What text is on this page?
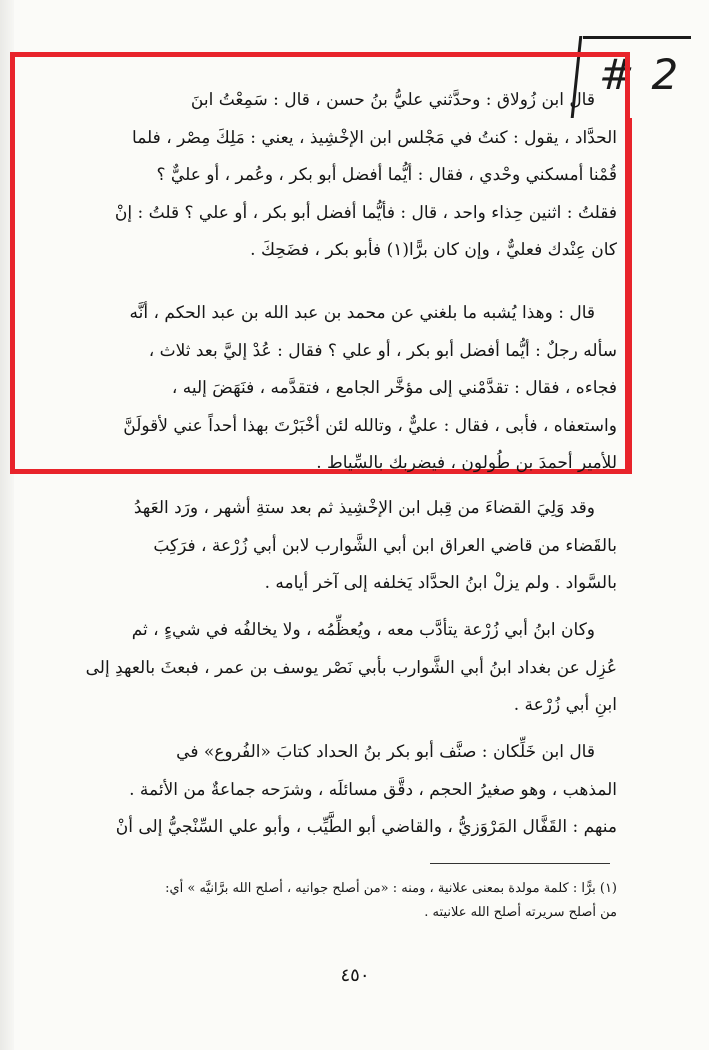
# 2
قال ابن زُولاق : وحدَّثني عليُّ بنُ حسن ، قال : سَمِعْتُ ابنَ
الحدَّاد ، يقول : كنتُ في مَجْلس ابن الإخْشِيذ ، يعني : مَلِكَ مِصْر ، فلما
قُمْنا أمسكني وحْدي ، فقال : أيُّما أفضل أبو بكر ، وعُمر ، أو عليٌّ ؟
فقلتُ : اثنين حِذاء واحد ، قال : فأيُّما أفضل أبو بكر ، أو علي ؟ قلتُ : إنْ
كان عِنْدك فعليٌّ ، وإن كان برًّا(١) فأبو بكر ، فضَحِكَ .
قال : وهذا يُشبه ما بلغني عن محمد بن عبد الله بن عبد الحكم ، أنَّه
سأله رجلٌ : أيُّما أفضل أبو بكر ، أو علي ؟ فقال : عُدْ إليَّ بعد ثلاث ،
فجاءه ، فقال : تقدَّمْني إلى مؤخَّر الجامع ، فتقدَّمه ، فنَهَضَ إليه ،
واستعفاه ، فأبى ، فقال : عليٌّ ، وتالله لئن أخْبَرْتَ بهذا أحداً عني لأقولَنَّ
للأمير أحمدَ بن طُولون ، فيضربك بالسِّياط .
وقد وَلِيَ القضاءَ من قِبل ابن الإخْشِيذ ثم بعد ستةِ أشهر ، ورَد العَهدُ
بالقَضاء من قاضي العراق ابن أبي الشَّوارب لابن أبي زُرْعة ، فرَكِبَ
بالسَّواد . ولم يزلْ ابنُ الحدَّاد يَخلفه إلى آخر أيامه .
وكان ابنُ أبي زُرْعة يتأدَّب معه ، ويُعظِّمُه ، ولا يخالفُه في شيءٍ ، ثم
عُزِل عن بغداد ابنُ أبي الشَّوارب بأبي نَصْر يوسف بن عمر ، فبعثَ بالعهدِ إلى
ابنِ أبي زُرْعة .
قال ابن خَلِّكان : صنَّف أبو بكر بنُ الحداد كتابَ «الفُروع» في
المذهب ، وهو صغيرُ الحجم ، دقَّق مسائلَه ، وشرَحه جماعةٌ من الأئمة .
منهم : القَفَّال المَرْوَزيُّ ، والقاضي أبو الطَّيِّب ، وأبو علي السِّنْجيُّ إلى أنْ
(١) برًّا : كلمة مولدة بمعنى علانية ، ومنه : «من أصلح جوانيه ، أصلح الله برَّانيَّه » أي:
من أصلح سريرته أصلح الله علانيته .
٤٥٠
